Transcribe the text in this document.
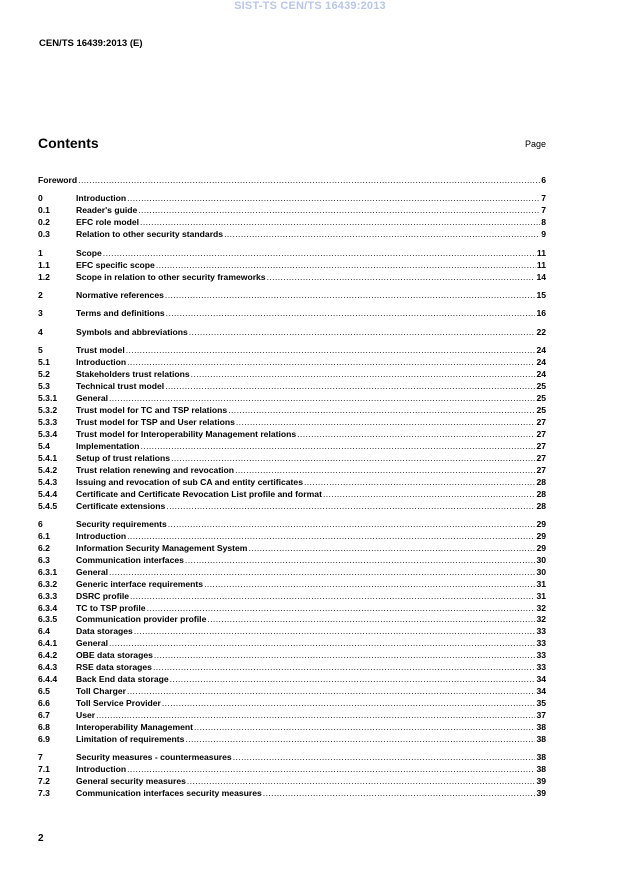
SIST-TS CEN/TS 16439:2013
CEN/TS 16439:2013 (E)
Contents	Page
Foreword .....	6
0	Introduction .....	7
0.1	Reader's guide .....	7
0.2	EFC role model .....	8
0.3	Relation to other security standards .....	9
1	Scope .....	11
1.1	EFC specific scope .....	11
1.2	Scope in relation to other security frameworks .....	14
2	Normative references .....	15
3	Terms and definitions .....	16
4	Symbols and abbreviations .....	22
5	Trust model .....	24
5.1	Introduction .....	24
5.2	Stakeholders trust relations .....	24
5.3	Technical trust model .....	25
5.3.1	General .....	25
5.3.2	Trust model for TC and TSP relations .....	25
5.3.3	Trust model for TSP and User relations .....	27
5.3.4	Trust model for Interoperability Management relations .....	27
5.4	Implementation .....	27
5.4.1	Setup of trust relations .....	27
5.4.2	Trust relation renewing and revocation .....	27
5.4.3	Issuing and revocation of sub CA and entity certificates .....	28
5.4.4	Certificate and Certificate Revocation List profile and format .....	28
5.4.5	Certificate extensions .....	28
6	Security requirements .....	29
6.1	Introduction .....	29
6.2	Information Security Management System .....	29
6.3	Communication interfaces .....	30
6.3.1	General .....	30
6.3.2	Generic interface requirements .....	31
6.3.3	DSRC profile .....	31
6.3.4	TC to TSP profile .....	32
6.3.5	Communication provider profile .....	32
6.4	Data storages .....	33
6.4.1	General .....	33
6.4.2	OBE data storages .....	33
6.4.3	RSE data storages .....	33
6.4.4	Back End data storage .....	34
6.5	Toll Charger .....	34
6.6	Toll Service Provider .....	35
6.7	User .....	37
6.8	Interoperability Management .....	38
6.9	Limitation of requirements .....	38
7	Security measures - countermeasures .....	38
7.1	Introduction .....	38
7.2	General security measures .....	39
7.3	Communication interfaces security measures .....	39
2
